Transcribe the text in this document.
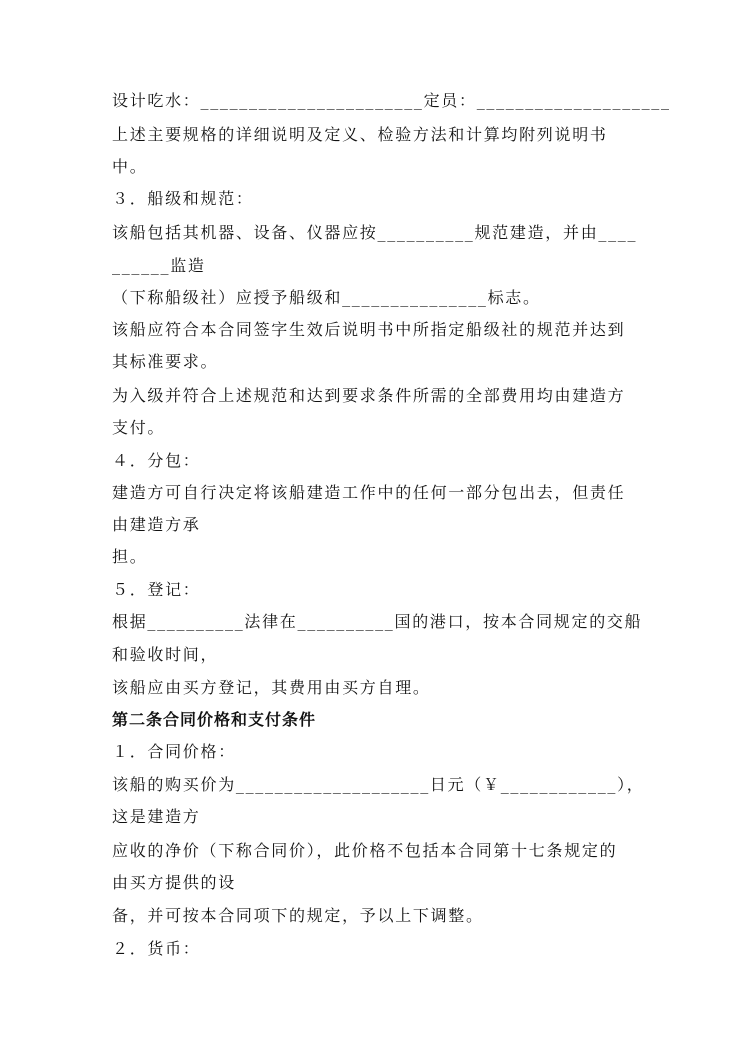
设计吃水：_______________________定员：____________________
上述主要规格的详细说明及定义、检验方法和计算均附列说明书
中。
３．船级和规范：
该船包括其机器、设备、仪器应按__________规范建造，并由____
______监造
（下称船级社）应授予船级和_______________标志。
该船应符合本合同签字生效后说明书中所指定船级社的规范并达到
其标准要求。
为入级并符合上述规范和达到要求条件所需的全部费用均由建造方
支付。
４．分包：
建造方可自行决定将该船建造工作中的任何一部分包出去，但责任
由建造方承
担。
５．登记：
根据__________法律在__________国的港口，按本合同规定的交船
和验收时间，
该船应由买方登记，其费用由买方自理。
第二条合同价格和支付条件
１．合同价格：
该船的购买价为____________________日元（￥____________），
这是建造方
应收的净价（下称合同价），此价格不包括本合同第十七条规定的
由买方提供的设
备，并可按本合同项下的规定，予以上下调整。
２．货币：
